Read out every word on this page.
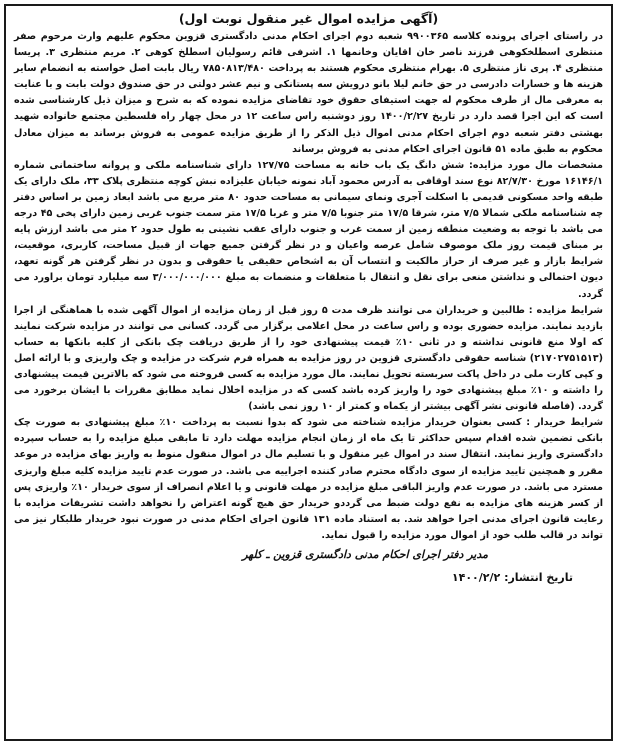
(آگهی مزایده اموال غیر منقول نوبت اول)

در راستای اجرای پرونده کلاسه ۹۹۰۰۳۶۵ شعبه دوم اجرای احکام مدنی دادگستری قزوین محکوم علیهم وارث مرحوم صفر منتظری اسطلخکوهی فرزند ناصر خان اقایان وخانمها ۱. اشرفی قائم رسولیان اسطلخ کوهی ۲. مریم منتظری ۳. پریسا منتظری ۴. پری ناز منتظری ۵. بهرام منتظری محکوم هستند به پرداخت ۷۸۵۰۸۱۳/۴۸۰ ریال بابت اصل خواسته به انضمام سایر هزینه ها و خسارات دادرسی در حق خانم لیلا بانو درویش سه پستانکی و نیم عشر دولتی در حق صندوق دولت بابت و با عنایت به معرفی مال از طرف محکوم له جهت استیفای حقوق خود تقاضای مزایده نموده که به شرح و میزان ذیل کارشناسی شده است که این اجرا قصد دارد در تاریخ ۱۴۰۰/۲/۲۷ روز دوشنبه راس ساعت ۱۲ در محل چهار راه فلسطین مجتمع خانواده شهید بهشتی دفتر شعبه دوم اجرای احکام مدنی اموال ذیل الذکر را از طریق مزایده عمومی به فروش برساند به میزان معادل محکوم به طبق ماده ۵۱ قانون اجرای احکام مدنی به فروش برساند

مشخصات مال مورد مزایده: شش دانگ یک باب خانه به مساحت ۱۲۷/۷۵ دارای شناسنامه ملکی و پروانه ساختمانی شماره ۱۶۱۴۶/۱ مورخ ۸۲/۷/۳۰ نوع سند اوقافی به آدرس محمود آباد نمونه خیابان علیزاده نبش کوچه منتظری پلاک ۳۳، ملک دارای یک طبقه واحد مسکونی قدیمی با اسکلت آجری ونمای سیمانی به مساحت حدود ۸۰ متر مربع می باشد ابعاد زمین بر اساس دفتر چه شناسنامه ملکی شمالا ۷/۵ متر، شرقا ۱۷/۵ متر جنوبا ۷/۵ متر و غربا ۱۷/۵ متر سمت جنوب غربی زمین دارای پخی ۴۵ درجه می باشد با توجه به وضعیت منطقه زمین از سمت غرب و جنوب دارای عقب نشینی به طول حدود ۲ متر می باشد ارزش پایه بر مبنای قیمت روز ملک موصوف شامل عرصه واعیان و در نظر گرفتن جمیع جهات از قبیل مساحت، کاربری، موقعیت، شرایط بازار و غیر صرف از حراز مالکیت و انتساب آن به اشخاص حقیقی یا حقوقی و بدون در نظر گرفتن هر گونه تعهد، دیون احتمالی و نداشتن منعی برای نقل و انتقال با متعلقات و منضمات به مبلغ ۳/۰۰۰/۰۰۰/۰۰۰ سه میلیارد تومان براورد می گردد.

شرایط مزایده : طالبین و خریداران می توانند ظرف مدت ۵ روز قبل از زمان مزایده از اموال آگهی شده با هماهنگی از اجرا بازدید نمایند. مزایده حضوری بوده و راس ساعت در محل اعلامی برگزار می گردد. کسانی می توانند در مزایده شرکت نمایند که اولا منع قانونی نداشته و در ثانی ۱۰٪ قیمت پیشنهادی خود را از طریق دریافت چک بانکی از کلیه بانکها به حساب (۲۱۷۰۲۷۵۱۵۱۳) شناسه حقوقی دادگستری قزوین در روز مزایده به همراه فرم شرکت در مزایده و چک واریزی و با ارائه اصل و کپی کارت ملی در داخل پاکت سربسته تحویل نمایند. مال مورد مزایده به کسی فروخته می شود که بالاترین قیمت پیشنهادی را داشته و ۱۰٪ مبلغ پیشنهادی خود را واریز کرده باشد کسی که در مزایده اخلال نماید مطابق مقررات با ایشان برخورد می گردد. (فاصله قانونی نشر آگهی بیشتر از یکماه و کمتر از ۱۰ روز نمی باشد)

شرایط خریدار : کسی بعنوان خریدار مزایده شناخته می شود که بدوا نسبت به پرداخت ۱۰٪ مبلغ پیشنهادی به صورت چک بانکی تضمین شده اقدام سپس حداکثر تا یک ماه از زمان انجام مزایده مهلت دارد تا مابقی مبلغ مزایده را به حساب سپرده دادگستری واریز نمایند. انتقال سند در اموال غیر منقول و با تسلیم مال در اموال منقول منوط به واریز بهای مزایده در موعد مقرر و همچنین تایید مزایده از سوی دادگاه محترم صادر کننده اجراییه می باشد. در صورت عدم تایید مزایده کلیه مبلغ واریزی مسترد می باشد. در صورت عدم واریز الباقی مبلغ مزایده در مهلت قانونی و یا اعلام انصراف از سوی خریدار ۱۰٪ واریزی پس از کسر هزینه های مزایده به نفع دولت ضبط می گرددو خریدار حق هیچ گونه اعتراض را نخواهد داشت تشریفات مزایده با رعایت قانون اجرای مدنی اجرا خواهد شد. به استناد ماده ۱۳۱ قانون اجرای احکام مدنی در صورت نبود خریدار طلبکار نیز می تواند در قالب طلب خود از اموال مورد مزایده را قبول نماید.

مدیر دفتر اجرای احکام مدنی دادگستری قزوین ـ کلهر
تاریخ انتشار: ۱۴۰۰/۲/۲
